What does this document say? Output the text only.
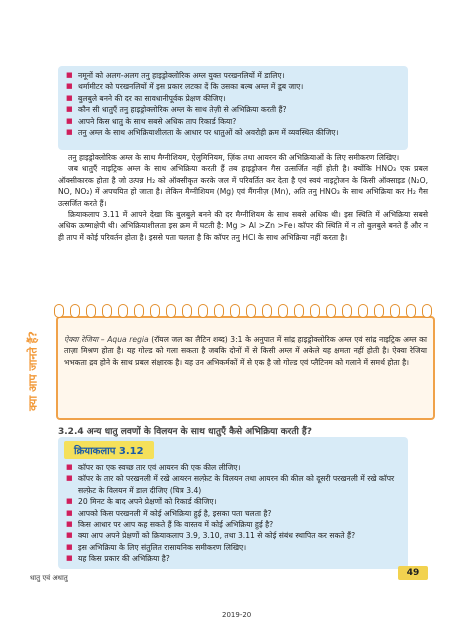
■ नमूनों को अलग-अलग तनु हाइड्रोक्लोरिक अम्ल युक्त परखनलियों में डालिए।
■ थर्मामीटर को परखनलियों में इस प्रकार लटका दें कि उसका बल्ब अम्ल में डूब जाए।
■ बुलबुले बनने की दर का सावधानीपूर्वक प्रेक्षण कीजिए।
■ कौन सी धातुएँ तनु हाइड्रोक्लोरिक अम्ल के साथ तेज़ी से अभिक्रिया करती हैं?
■ आपने किस धातु के साथ सबसे अधिक ताप रिकार्ड किया?
■ तनु अम्ल के साथ अभिक्रियाशीलता के आधार पर धातुओं को अवरोही क्रम में व्यवस्थित कीजिए।

तनु हाइड्रोक्लोरिक अम्ल के साथ मैग्नीशियम, ऐलुमिनियम, ज़िंक तथा आयरन की अभिक्रियाओं के लिए समीकरण लिखिए।

जब धातुएँ नाइट्रिक अम्ल के साथ अभिक्रिया करती हैं तब हाइड्रोजन गैस उत्सर्जित नहीं होती है। क्योंकि HNO₃ एक प्रबल ऑक्सीकारक होता है जो उत्पन्न H₂ को ऑक्सीकृत करके जल में परिवर्तित कर देता है एवं स्वयं नाइट्रोजन के किसी ऑक्साइड (N₂O, NO, NO₂) में अपचयित हो जाता है। लेकिन मैग्नीशियम (Mg) एवं मैंगनीज़ (Mn), अति तनु HNO₃ के साथ अभिक्रिया कर H₂ गैस उत्सर्जित करते हैं।

क्रियाकलाप 3.11 में आपने देखा कि बुलबुले बनने की दर मैग्नीशियम के साथ सबसे अधिक थी। इस स्थिति में अभिक्रिया सबसे अधिक ऊष्माक्षेपी थी। अभिक्रियाशीलता इस क्रम में घटती है: Mg > Al >Zn >Fe। कॉपर की स्थिति में न तो बुलबुले बनते हैं और न ही ताप में कोई परिवर्तन होता है। इससे पता चलता है कि कॉपर तनु HCl के साथ अभिक्रिया नहीं करता है।

क्या आप जानते हैं?	ऐक्वा रेजिया – Aqua regia (रॉयल जल का लैटिन शब्द) 3:1 के अनुपात में सांद्र हाइड्रोक्लोरिक अम्ल एवं सांद्र नाइट्रिक अम्ल का ताज़ा मिश्रण होता है। यह गोल्ड को गला सकता है जबकि दोनों में से किसी अम्ल में अकेले यह क्षमता नहीं होती है। ऐक्वा रेजिया भभकता द्रव होने के साथ प्रबल संक्षारक है। यह उन अभिकर्मकों में से एक है जो गोल्ड एवं प्लैटिनम को गलाने में समर्थ होता है।
3.2.4 अन्य धातु लवणों के विलयन के साथ धातुएँ कैसे अभिक्रिया करती हैं?
क्रियाकलाप 3.12
■ कॉपर का एक स्वच्छ तार एवं आयरन की एक कील लीजिए।
■ कॉपर के तार को परखनली में रखे आयरन सल्फ़ेट के विलयन तथा आयरन की कील को दूसरी परखनली में रखे कॉपर सल्फ़ेट के विलयन में डाल दीजिए (चित्र 3.4)
■ 20 मिनट के बाद अपने प्रेक्षणों को रिकार्ड कीजिए।
■ आपको किस परखनली में कोई अभिक्रिया हुई है, इसका पता चलता है?
■ किस आधार पर आप कह सकते हैं कि वास्तव में कोई अभिक्रिया हुई है?
■ क्या आप अपने प्रेक्षणों को क्रियाकलाप 3.9, 3.10, तथा 3.11 से कोई संबंध स्थापित कर सकते हैं?
■ इस अभिक्रिया के लिए संतुलित रासायनिक समीकरण लिखिए।
■ यह किस प्रकार की अभिक्रिया है?
धातु एवं अधातु	49
2019-20
